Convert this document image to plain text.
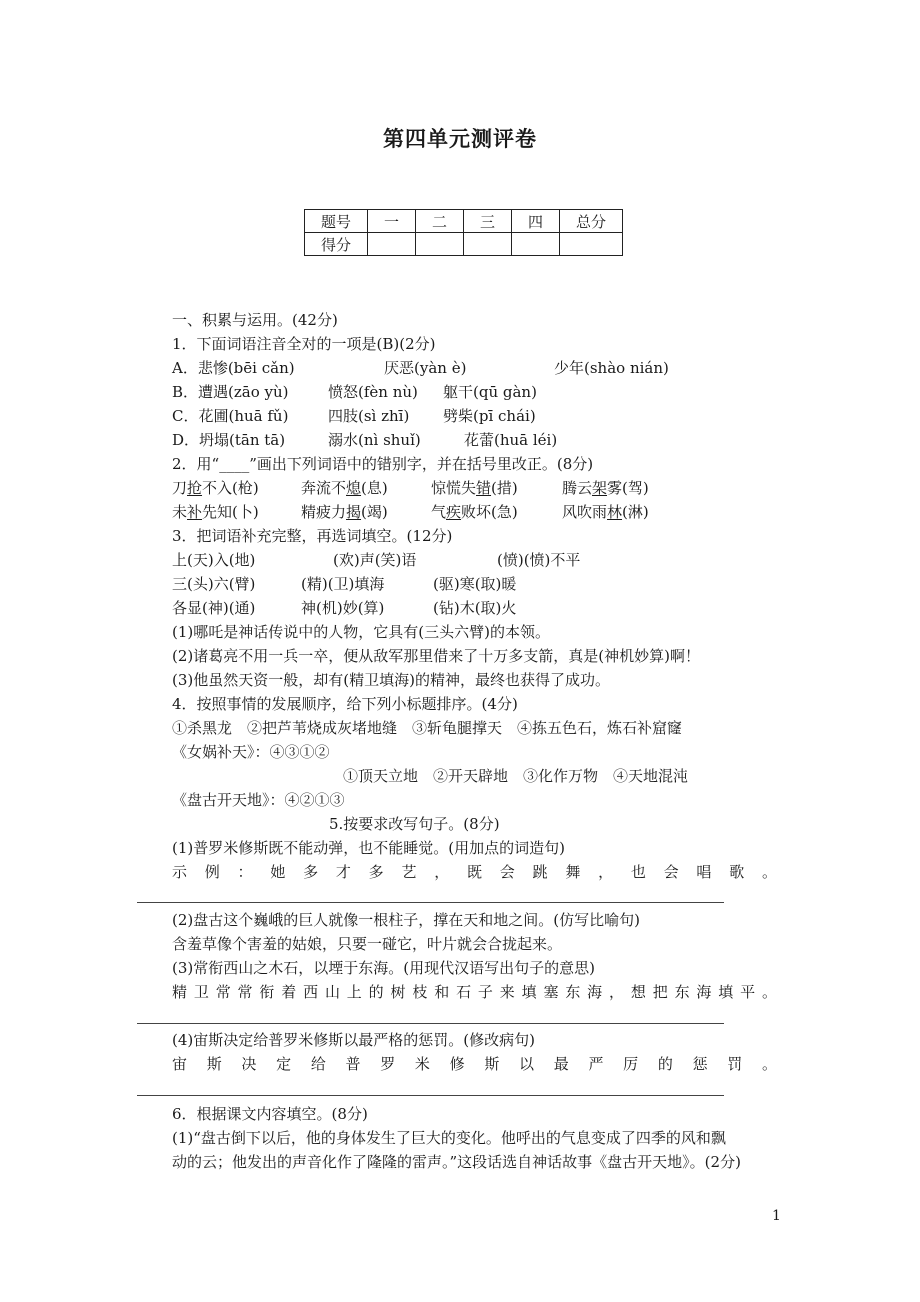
第四单元测评卷
题号	一	二	三	四	总分
得分					
一、积累与运用。(42分)
1．下面词语注音全对的一项是(B)(2分)
A．悲惨(bēi cǎn)	厌恶(yàn è)	少年(shào nián)
B．遭遇(zāo yù)	愤怒(fèn nù) 躯干(qū gàn)
C．花圃(huā fǔ)	四肢(sì zhī) 劈柴(pī chái)
D．坍塌(tān tā)	溺水(nì shuǐ)	花蕾(huā léi)
2．用“____”画出下列词语中的错别字，并在括号里改正。(8分)
刀抢不入(枪)	奔流不熄(息)	惊慌失错(措)	腾云架雾(驾)
未补先知(卜)	精疲力揭(竭)	气疾败坏(急)	风吹雨林(淋)
3．把词语补充完整，再选词填空。(12分)
上(天)入(地)	(欢)声(笑)语	(愤)(愤)不平
三(头)六(臂)	(精)(卫)填海	(驱)寒(取)暖
各显(神)(通)	神(机)妙(算)	(钻)木(取)火
(1)哪吒是神话传说中的人物，它具有(三头六臂)的本领。
(2)诸葛亮不用一兵一卒，便从敌军那里借来了十万多支箭，真是(神机妙算)啊！
(3)他虽然天资一般，却有(精卫填海)的精神，最终也获得了成功。
4．按照事情的发展顺序，给下列小标题排序。(4分)
①杀黑龙　②把芦苇烧成灰堵地缝　③斩龟腿撑天　④拣五色石，炼石补窟窿
《女娲补天》：④③①②
①顶天立地　②开天辟地　③化作万物　④天地混沌
《盘古开天地》：④②①③
5.按要求改写句子。(8分)
(1)普罗米修斯既不能动弹，也不能睡觉。(用加点的词造句)
示例：她多才多艺，既会跳舞，也会唱歌。
(2)盘古这个巍峨的巨人就像一根柱子，撑在天和地之间。(仿写比喻句)
含羞草像个害羞的姑娘，只要一碰它，叶片就会合拢起来。
(3)常衔西山之木石，以堙于东海。(用现代汉语写出句子的意思)
精卫常常衔着西山上的树枝和石子来填塞东海，想把东海填平。
(4)宙斯决定给普罗米修斯以最严格的惩罚。(修改病句)
宙斯决定给普罗米修斯以最严厉的惩罚。
6．根据课文内容填空。(8分)
(1)“盘古倒下以后，他的身体发生了巨大的变化。他呼出的气息变成了四季的风和飘
动的云；他发出的声音化作了隆隆的雷声。”这段话选自神话故事《盘古开天地》。(2分)
1
